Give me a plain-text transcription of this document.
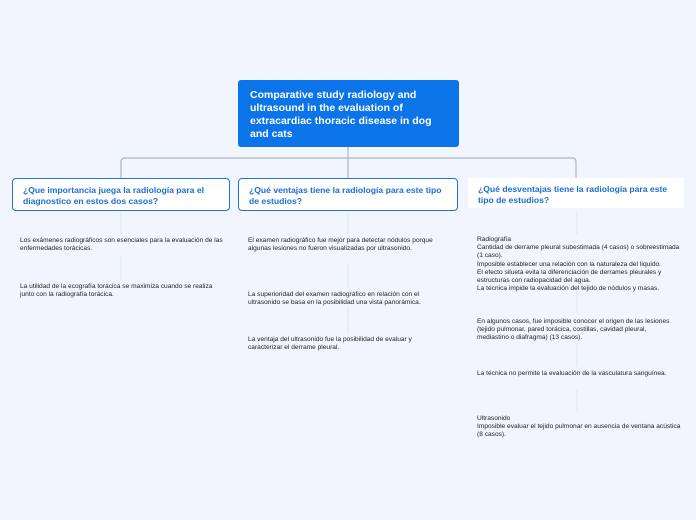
Comparative study radiology and ultrasound in the evaluation of extracardiac thoracic disease in dog and cats
¿Que importancia juega la radiología para el diagnostico en estos dos casos?
Los exámenes radiográficos son esenciales para la evaluación de las enfermedades torácicas.
La utilidad de la ecografía torácica se maximiza cuando se realiza junto con la radiografía torácica.
¿Qué ventajas tiene la radiología para este tipo de estudios?
El examen radiográfico fue mejor para detectar nódulos porque algunas lesiones no fueron visualizadas por ultrasonido.
La superioridad del examen radiográfico en relación con el ultrasonido se basa en la posibilidad una vista panorámica.
La ventaja del ultrasonido fue la posibilidad de evaluar y caracterizar el derrame pleural.
¿Qué desventajas tiene la radiología para este tipo de estudios?
Radiografía
Cantidad de derrame pleural subestimada (4 casos) o sobreestimada (1 caso).
Imposible establecer una relación con la naturaleza del líquido.
El efecto silueta evita la diferenciación de derrames pleurales y estructuras con radiopacidad del agua.
La técnica impide la evaluación del tejido de nódulos y masas.
En algunos casos, fue imposible conocer el origen de las lesiones (tejido pulmonar, pared torácica, costillas, cavidad pleural, mediastino o diafragma) (13 casos).
La técnica no permite la evaluación de la vasculatura sanguínea.
Ultrasonido
Imposible evaluar el tejido pulmonar en ausencia de ventana acústica (8 casos).
